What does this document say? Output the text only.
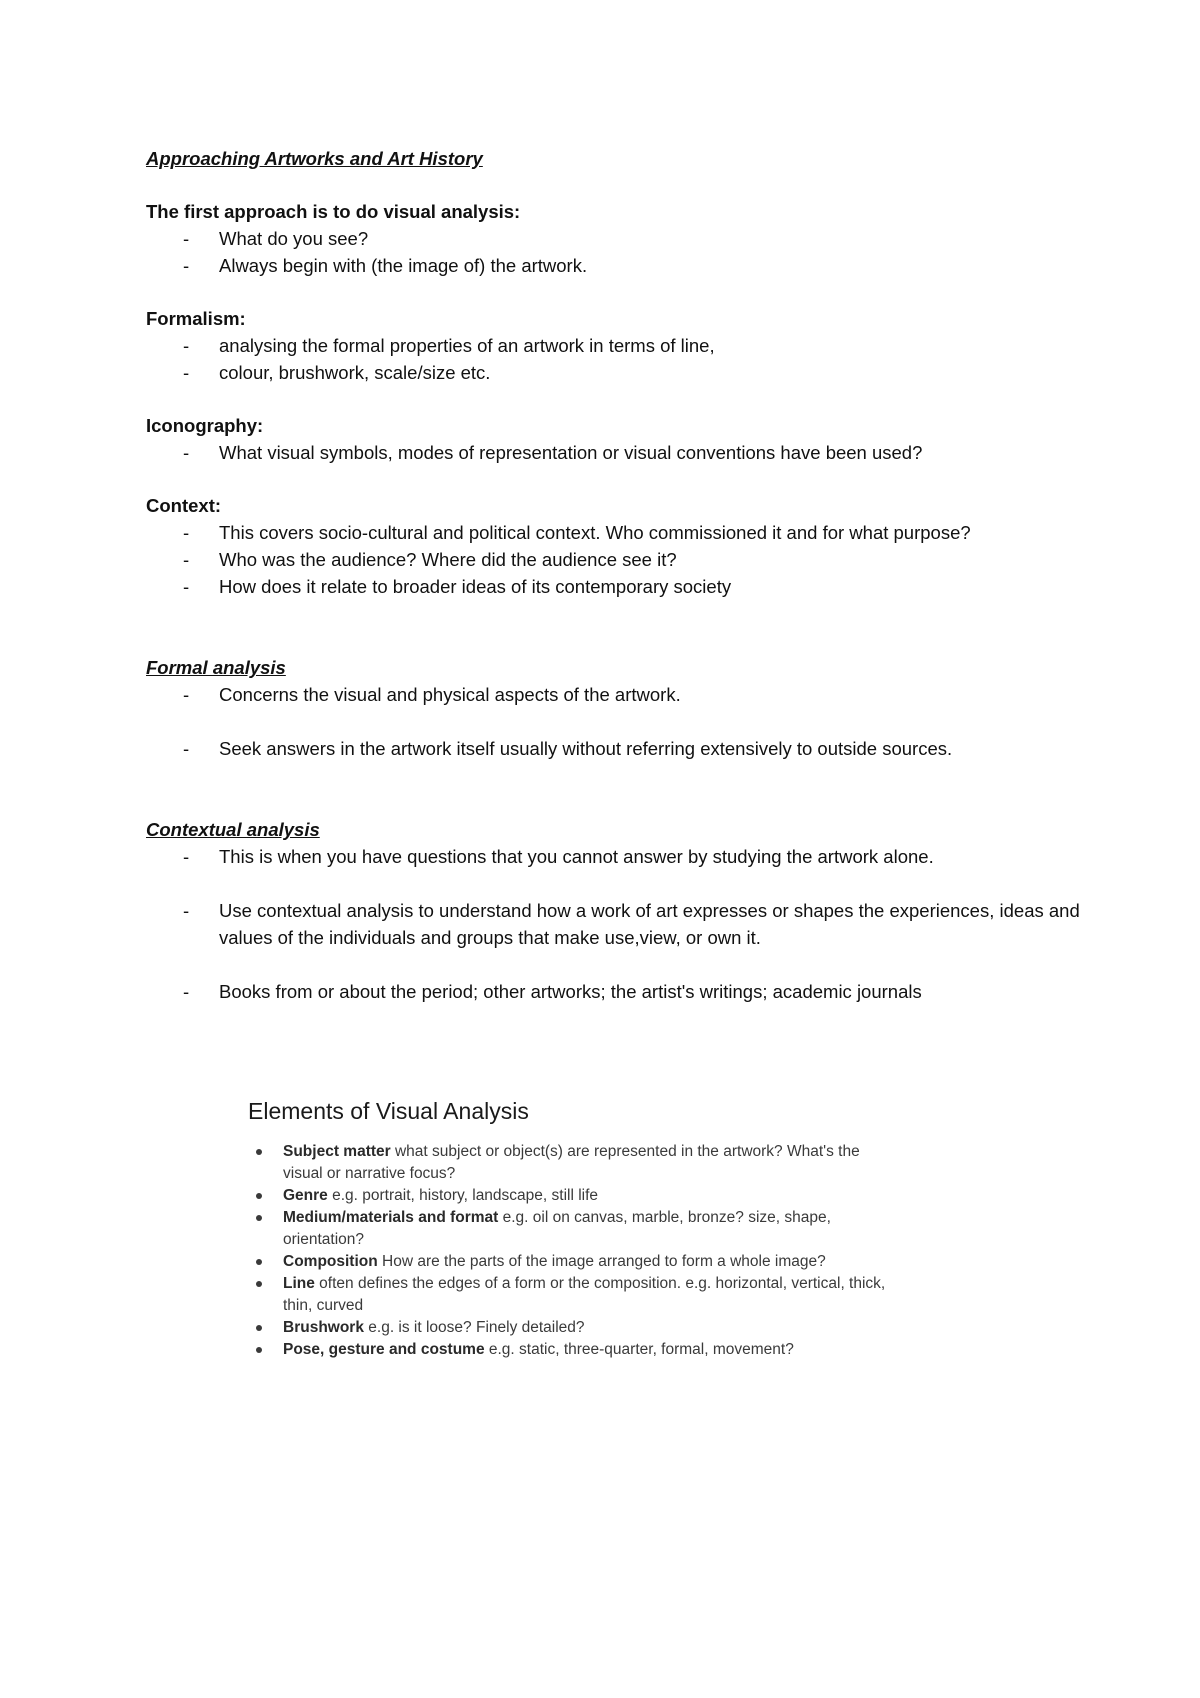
Approaching Artworks and Art History

The first approach is to do visual analysis:

- What do you see?
- Always begin with (the image of) the artwork.

Formalism:

- analysing the formal properties of an artwork in terms of line,
- colour, brushwork, scale/size etc.

Iconography:

- What visual symbols, modes of representation or visual conventions have been used?

Context:

- This covers socio-cultural and political context. Who commissioned it and for what purpose?
- Who was the audience? Where did the audience see it?
- How does it relate to broader ideas of its contemporary society

Formal analysis

- Concerns the visual and physical aspects of the artwork.
- Seek answers in the artwork itself usually without referring extensively to outside sources.

Contextual analysis

- This is when you have questions that you cannot answer by studying the artwork alone.
- Use contextual analysis to understand how a work of art expresses or shapes the experiences, ideas and values of the individuals and groups that make use,view, or own it.
- Books from or about the period; other artworks; the artist's writings; academic journals

Elements of Visual Analysis

Subject matter what subject or object(s) are represented in the artwork? What's the visual or narrative focus?
Genre e.g. portrait, history, landscape, still life
Medium/materials and format e.g. oil on canvas, marble, bronze? size, shape, orientation?
Composition How are the parts of the image arranged to form a whole image?
Line often defines the edges of a form or the composition. e.g. horizontal, vertical, thick, thin, curved
Brushwork e.g. is it loose? Finely detailed?
Pose, gesture and costume e.g. static, three-quarter, formal, movement?
